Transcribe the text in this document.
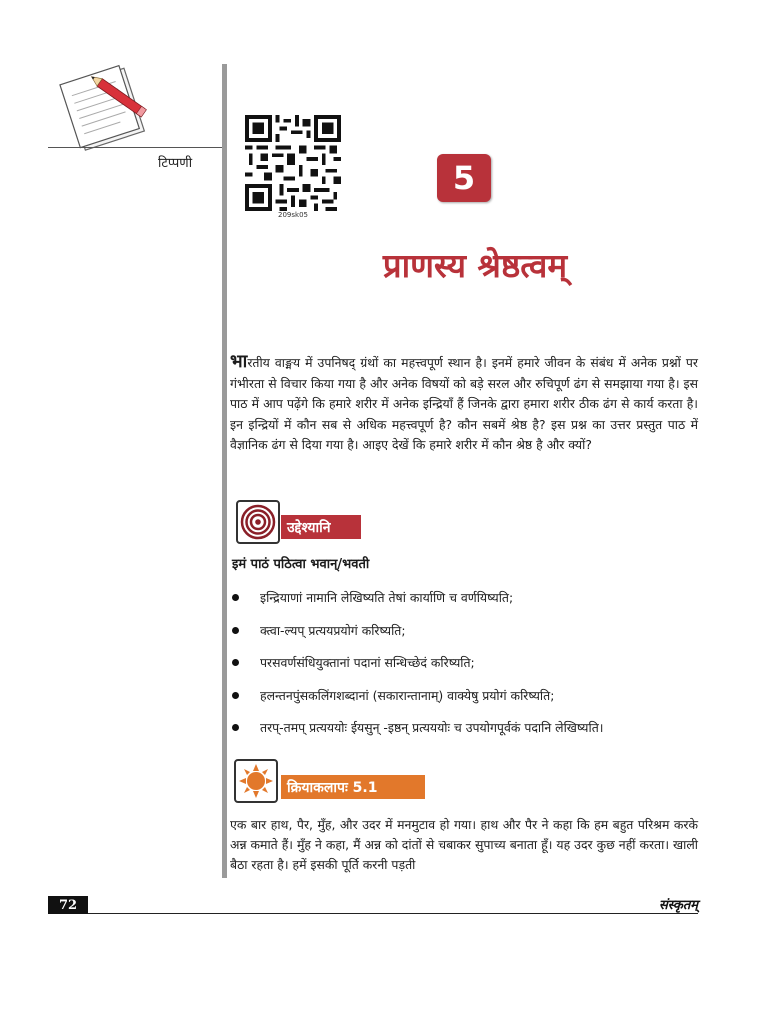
टिप्पणी
209sk05
5
प्राणस्य श्रेष्ठत्वम्
भारतीय वाङ्मय में उपनिषद् ग्रंथों का महत्त्वपूर्ण स्थान है। इनमें हमारे जीवन के संबंध में अनेक प्रश्नों पर गंभीरता से विचार किया गया है और अनेक विषयों को बड़े सरल और रुचिपूर्ण ढंग से समझाया गया है। इस पाठ में आप पढ़ेंगे कि हमारे शरीर में अनेक इन्द्रियाँ हैं जिनके द्वारा हमारा शरीर ठीक ढंग से कार्य करता है। इन इन्द्रियों में कौन सब से अधिक महत्त्वपूर्ण है? कौन सबमें श्रेष्ठ है? इस प्रश्न का उत्तर प्रस्तुत पाठ में वैज्ञानिक ढंग से दिया गया है। आइए देखें कि हमारे शरीर में कौन श्रेष्ठ है और क्यों?
उद्देश्यानि
इमं पाठं पठित्वा भवान्/भवती
इन्द्रियाणां नामानि लेखिष्यति तेषां कार्याणि च वर्णयिष्यति;
क्त्वा-ल्यप् प्रत्ययप्रयोगं करिष्यति;
परसवर्णसंधियुक्तानां पदानां सन्धिच्छेदं करिष्यति;
हलन्तनपुंसकलिंगशब्दानां (सकारान्तानाम्) वाक्येषु प्रयोगं करिष्यति;
तरप्-तमप् प्रत्यययोः ईयसुन् -इष्ठन् प्रत्यययोः च उपयोगपूर्वकं पदानि लेखिष्यति।
क्रियाकलापः 5.1
एक बार हाथ, पैर, मुँह, और उदर में मनमुटाव हो गया। हाथ और पैर ने कहा कि हम बहुत परिश्रम करके अन्न कमाते हैं। मुँह ने कहा, मैं अन्न को दांतों से चबाकर सुपाच्य बनाता हूँ। यह उदर कुछ नहीं करता। खाली बैठा रहता है। हमें इसकी पूर्ति करनी पड़ती
72	संस्कृतम्
